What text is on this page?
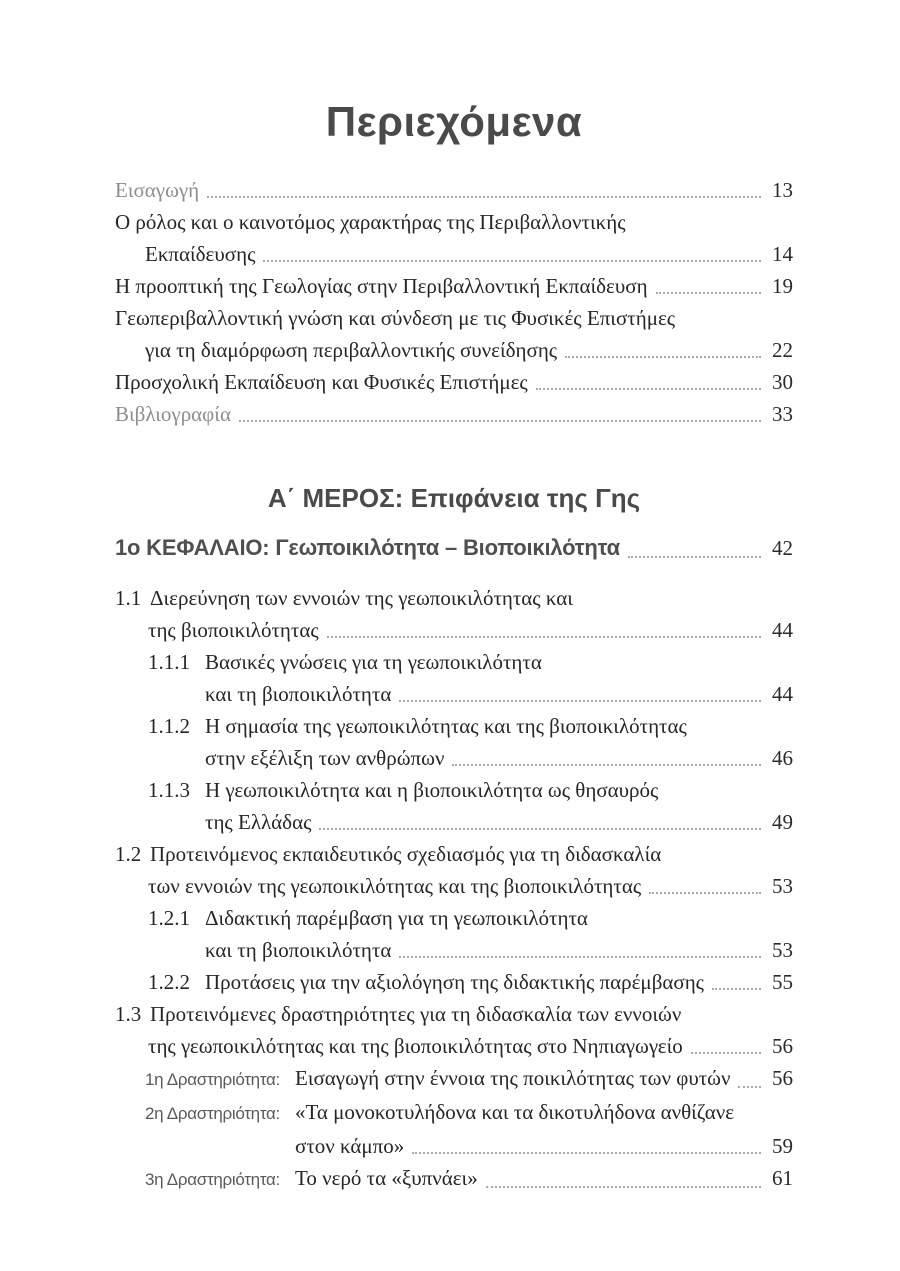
Περιεχόμενα
Εισαγωγή	13
Ο ρόλος και ο καινοτόμος χαρακτήρας της Περιβαλλοντικής
Εκπαίδευσης	14
Η προοπτική της Γεωλογίας στην Περιβαλλοντική Εκπαίδευση	19
Γεωπεριβαλλοντική γνώση και σύνδεση με τις Φυσικές Επιστήμες
για τη διαμόρφωση περιβαλλοντικής συνείδησης	22
Προσχολική Εκπαίδευση και Φυσικές Επιστήμες	30
Βιβλιογραφία	33
Α΄ ΜΕΡΟΣ: Επιφάνεια της Γης
1ο ΚΕΦΑΛΑΙΟ: Γεωποικιλότητα – Βιοποικιλότητα	42
1.1 Διερεύνηση των εννοιών της γεωποικιλότητας και
της βιοποικιλότητας	44
1.1.1 Βασικές γνώσεις για τη γεωποικιλότητα
και τη βιοποικιλότητα	44
1.1.2 Η σημασία της γεωποικιλότητας και της βιοποικιλότητας
στην εξέλιξη των ανθρώπων	46
1.1.3 Η γεωποικιλότητα και η βιοποικιλότητα ως θησαυρός
της Ελλάδας	49
1.2 Προτεινόμενος εκπαιδευτικός σχεδιασμός για τη διδασκαλία
των εννοιών της γεωποικιλότητας και της βιοποικιλότητας	53
1.2.1 Διδακτική παρέμβαση για τη γεωποικιλότητα
και τη βιοποικιλότητα	53
1.2.2 Προτάσεις για την αξιολόγηση της διδακτικής παρέμβασης	55
1.3 Προτεινόμενες δραστηριότητες για τη διδασκαλία των εννοιών
της γεωποικιλότητας και της βιοποικιλότητας στο Νηπιαγωγείο	56
1η Δραστηριότητα: Εισαγωγή στην έννοια της ποικιλότητας των φυτών 56
2η Δραστηριότητα: «Τα μονοκοτυλήδονα και τα δικοτυλήδονα ανθίζανε
στον κάμπο»	59
3η Δραστηριότητα: Το νερό τα «ξυπνάει»	61
